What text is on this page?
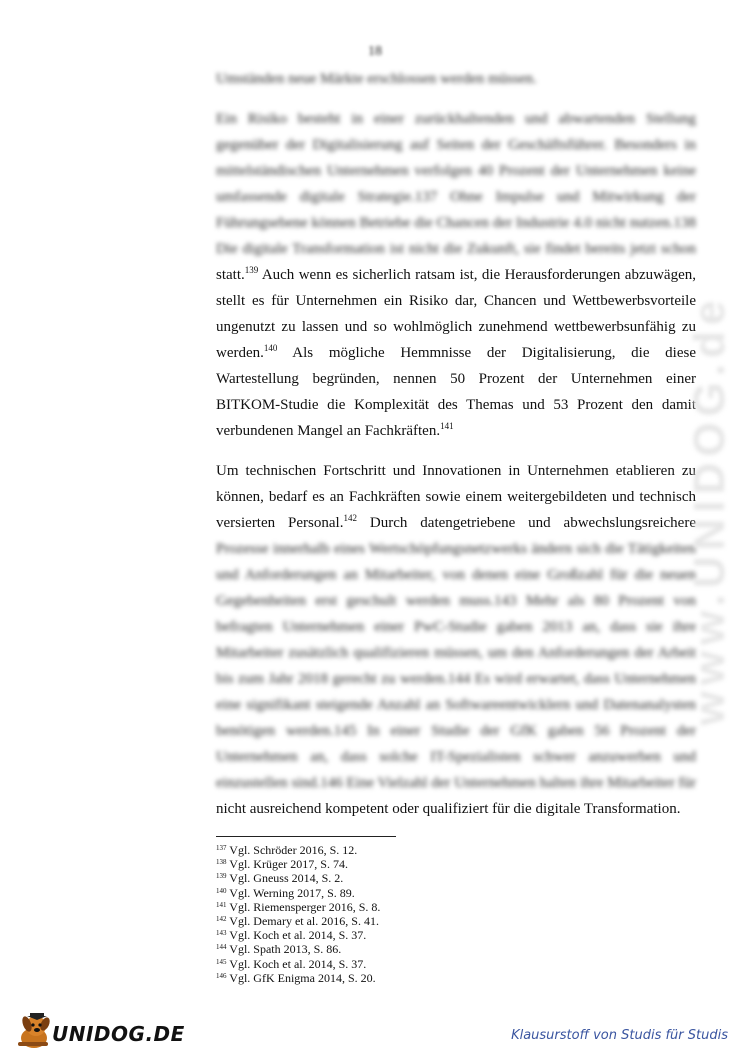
18
Umständen neue Märkte erschlossen werden müssen.
Ein Risiko besteht in einer zurückhaltenden und abwartenden Stellung
gegenüber der Digitalisierung auf Seiten der Geschäftsführer. Besonders in
mittelständischen Unternehmen verfolgen 40 Prozent der Unternehmen keine
umfassende digitale Strategie.137 Ohne Impulse und Mitwirkung der
Führungsebene können Betriebe die Chancen der Industrie 4.0 nicht nutzen.138
Die digitale Transformation ist nicht die Zukunft, sie findet bereits jetzt schon
statt.$^{139}$ Auch wenn es sicherlich ratsam ist, die Herausforderungen abzuwägen,
stellt es für Unternehmen ein Risiko dar, Chancen und Wettbewerbsvorteile
ungenutzt zu lassen und so wohlmöglich zunehmend wettbewerbsunfähig zu
werden.$^{140}$ Als mögliche Hemmnisse der Digitalisierung, die diese
Wartestellung begründen, nennen 50 Prozent der Unternehmen einer
BITKOM-Studie die Komplexität des Themas und 53 Prozent den damit
verbundenen Mangel an Fachkräften.$^{141}$
Um technischen Fortschritt und Innovationen in Unternehmen etablieren zu
können, bedarf es an Fachkräften sowie einem weitergebildeten und technisch
versierten Personal.$^{142}$ Durch datengetriebene und abwechslungsreichere
Prozesse innerhalb eines Wertschöpfungsnetzwerks ändern sich die Tätigkeiten
und Anforderungen an Mitarbeiter, von denen eine Großzahl für die neuen
Gegebenheiten erst geschult werden muss.143 Mehr als 80 Prozent von
befragten Unternehmen einer PwC-Studie gaben 2013 an, dass sie ihre
Mitarbeiter zusätzlich qualifizieren müssen, um den Anforderungen der Arbeit
bis zum Jahr 2018 gerecht zu werden.144 Es wird erwartet, dass Unternehmen
eine signifikant steigende Anzahl an Softwareentwicklern und Datenanalysten
benötigen werden.145 In einer Studie der GfK gaben 56 Prozent der
Unternehmen an, dass solche IT-Spezialisten schwer anzuwerben und
einzustellen sind.146 Eine Vielzahl der Unternehmen halten ihre Mitarbeiter für
nicht ausreichend kompetent oder qualifiziert für die digitale Transformation.
$^{137}$ Vgl. Schröder 2016, S. 12.
$^{138}$ Vgl. Krüger 2017, S. 74.
$^{139}$ Vgl. Gneuss 2014, S. 2.
$^{140}$ Vgl. Werning 2017, S. 89.
$^{141}$ Vgl. Riemensperger 2016, S. 8.
$^{142}$ Vgl. Demary et al. 2016, S. 41.
$^{143}$ Vgl. Koch et al. 2014, S. 37.
$^{144}$ Vgl. Spath 2013, S. 86.
$^{145}$ Vgl. Koch et al. 2014, S. 37.
$^{146}$ Vgl. GfK Enigma 2014, S. 20.
www.UNIDOG.de
UNIDOG.DE	Klausurstoff von Studis für Studis
